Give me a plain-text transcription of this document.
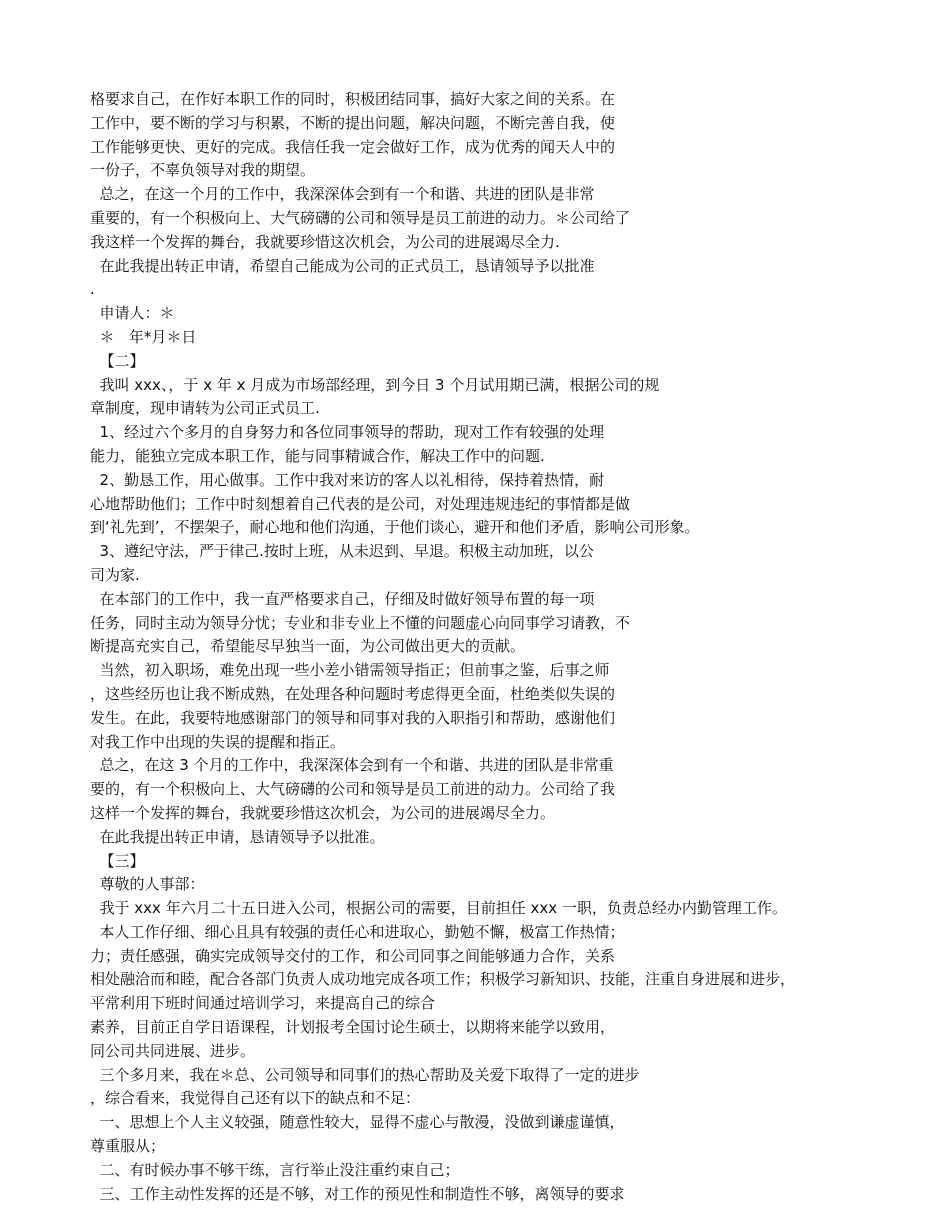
格要求自己，在作好本职工作的同时，积极团结同事，搞好大家之间的关系。在
工作中，要不断的学习与积累，不断的提出问题，解决问题，不断完善自我，使
工作能够更快、更好的完成。我信任我一定会做好工作，成为优秀的闻天人中的
一份子，不辜负领导对我的期望。
总之，在这一个月的工作中，我深深体会到有一个和谐、共进的团队是非常
重要的，有一个积极向上、大气磅礴的公司和领导是员工前进的动力。＊公司给了
我这样一个发挥的舞台，我就要珍惜这次机会，为公司的进展竭尽全力.
在此我提出转正申请，希望自己能成为公司的正式员工，恳请领导予以批准
.
申请人：＊
＊   年*月＊日
【二】
我叫 xxx、，于 x 年 x 月成为市场部经理，到今日 3 个月试用期已满，根据公司的规
章制度，现申请转为公司正式员工.
1、经过六个多月的自身努力和各位同事领导的帮助，现对工作有较强的处理
能力，能独立完成本职工作，能与同事精诚合作，解决工作中的问题.
2、勤恳工作，用心做事。工作中我对来访的客人以礼相待，保持着热情，耐
心地帮助他们；工作中时刻想着自己代表的是公司，对处理违规违纪的事情都是做
到‘礼先到’，不摆架子，耐心地和他们沟通，于他们谈心，避开和他们矛盾，影响公司形象。
3、遵纪守法，严于律己.按时上班，从未迟到、早退。积极主动加班，以公
司为家.
在本部门的工作中，我一直严格要求自己，仔细及时做好领导布置的每一项
任务，同时主动为领导分忧；专业和非专业上不懂的问题虚心向同事学习请教，不
断提高充实自己，希望能尽早独当一面，为公司做出更大的贡献。
当然，初入职场，难免出现一些小差小错需领导指正；但前事之鉴，后事之师
，这些经历也让我不断成熟，在处理各种问题时考虑得更全面，杜绝类似失误的
发生。在此，我要特地感谢部门的领导和同事对我的入职指引和帮助，感谢他们
对我工作中出现的失误的提醒和指正。
总之，在这 3 个月的工作中，我深深体会到有一个和谐、共进的团队是非常重
要的，有一个积极向上、大气磅礴的公司和领导是员工前进的动力。公司给了我
这样一个发挥的舞台，我就要珍惜这次机会，为公司的进展竭尽全力。
在此我提出转正申请，恳请领导予以批准。
【三】
尊敬的人事部：
我于 xxx 年六月二十五日进入公司，根据公司的需要，目前担任 xxx 一职，负责总经办内勤管理工作。
本人工作仔细、细心且具有较强的责任心和进取心，勤勉不懈，极富工作热情；
力；责任感强，确实完成领导交付的工作，和公司同事之间能够通力合作，关系
相处融洽而和睦，配合各部门负责人成功地完成各项工作；积极学习新知识、技能，注重自身进展和进步，
平常利用下班时间通过培训学习，来提高自己的综合
素养，目前正自学日语课程，计划报考全国讨论生硕士，以期将来能学以致用，
同公司共同进展、进步。
三个多月来，我在＊总、公司领导和同事们的热心帮助及关爱下取得了一定的进步
，综合看来，我觉得自己还有以下的缺点和不足：
一、思想上个人主义较强，随意性较大，显得不虚心与散漫，没做到谦虚谨慎，
尊重服从；
二、有时候办事不够干练，言行举止没注重约束自己；
三、工作主动性发挥的还是不够，对工作的预见性和制造性不够，离领导的要求
